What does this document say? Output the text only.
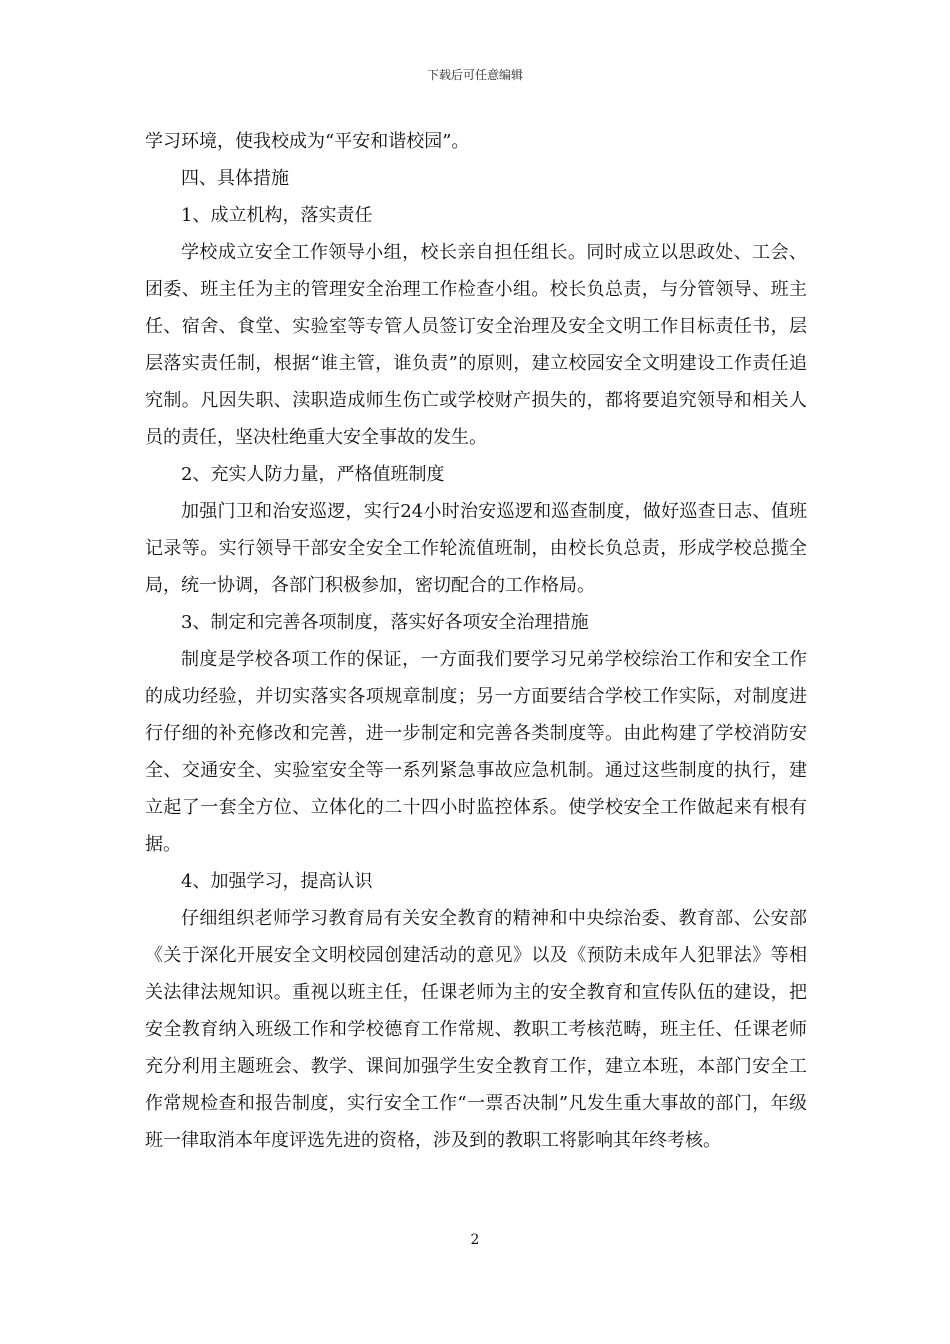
下载后可任意编辑

学习环境，使我校成为“平安和谐校园”。

四、具体措施

1、成立机构，落实责任

学校成立安全工作领导小组，校长亲自担任组长。同时成立以思政处、工会、团委、班主任为主的管理安全治理工作检查小组。校长负总责，与分管领导、班主任、宿舍、食堂、实验室等专管人员签订安全治理及安全文明工作目标责任书，层层落实责任制，根据“谁主管，谁负责”的原则，建立校园安全文明建设工作责任追究制。凡因失职、渎职造成师生伤亡或学校财产损失的，都将要追究领导和相关人员的责任，坚决杜绝重大安全事故的发生。

2、充实人防力量，严格值班制度

加强门卫和治安巡逻，实行24小时治安巡逻和巡查制度，做好巡查日志、值班记录等。实行领导干部安全安全工作轮流值班制，由校长负总责，形成学校总揽全局，统一协调，各部门积极参加，密切配合的工作格局。

3、制定和完善各项制度，落实好各项安全治理措施

制度是学校各项工作的保证，一方面我们要学习兄弟学校综治工作和安全工作的成功经验，并切实落实各项规章制度；另一方面要结合学校工作实际，对制度进行仔细的补充修改和完善，进一步制定和完善各类制度等。由此构建了学校消防安全、交通安全、实验室安全等一系列紧急事故应急机制。通过这些制度的执行，建立起了一套全方位、立体化的二十四小时监控体系。使学校安全工作做起来有根有据。

4、加强学习，提高认识

仔细组织老师学习教育局有关安全教育的精神和中央综治委、教育部、公安部《关于深化开展安全文明校园创建活动的意见》以及《预防未成年人犯罪法》等相关法律法规知识。重视以班主任，任课老师为主的安全教育和宣传队伍的建设，把安全教育纳入班级工作和学校德育工作常规、教职工考核范畴，班主任、任课老师充分利用主题班会、教学、课间加强学生安全教育工作，建立本班，本部门安全工作常规检查和报告制度，实行安全工作“一票否决制”凡发生重大事故的部门，年级班一律取消本年度评选先进的资格，涉及到的教职工将影响其年终考核。

2
